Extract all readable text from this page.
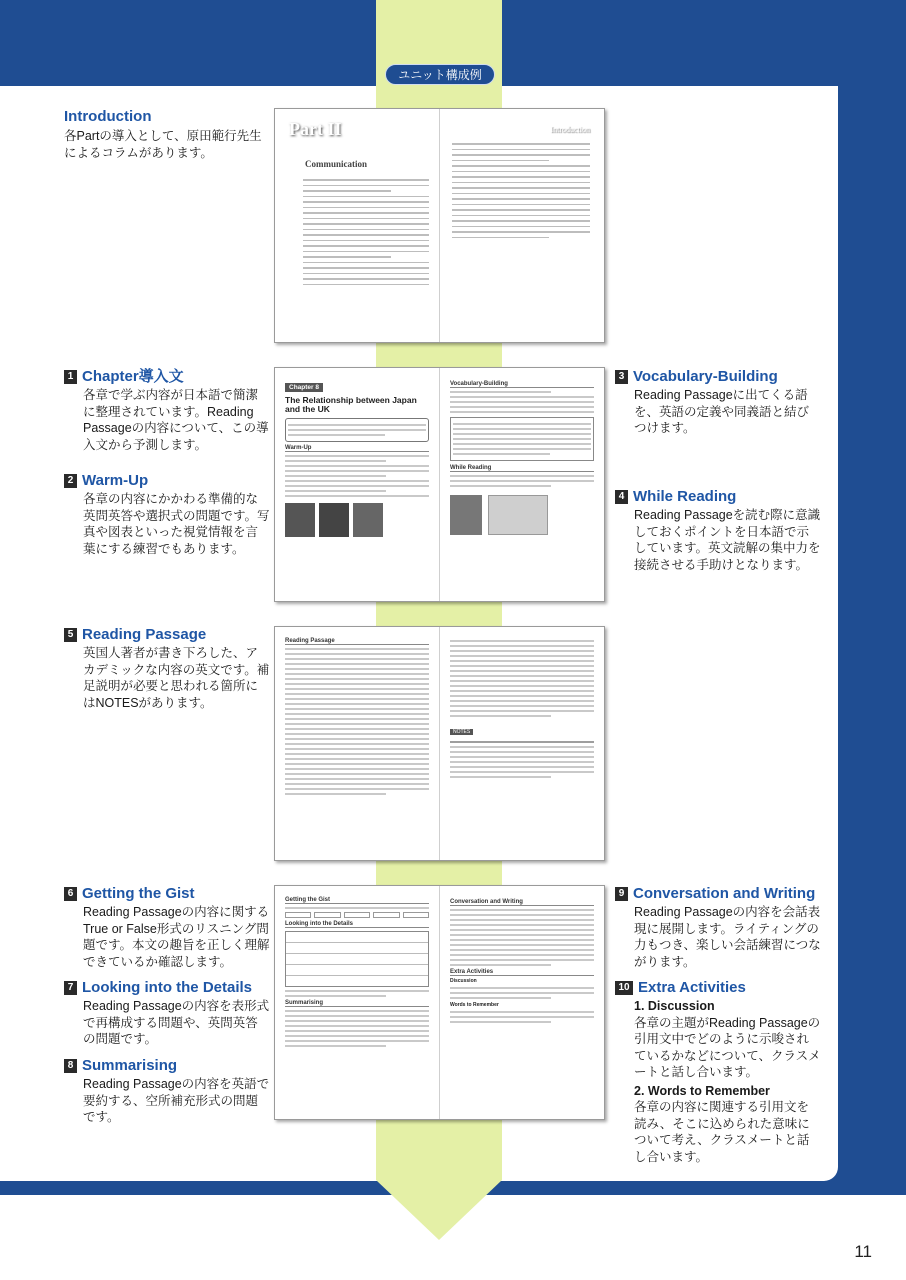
ユニット構成例
Introduction
各Partの導入として、原田範行先生によるコラムがあります。
1 Chapter導入文
各章で学ぶ内容が日本語で簡潔に整理されています。Reading Passageの内容について、この導入文から予測します。
2 Warm-Up
各章の内容にかかわる準備的な英問英答や選択式の問題です。写真や図表といった視覚情報を言葉にする練習でもあります。
3 Vocabulary-Building
Reading Passageに出てくる語を、英語の定義や同義語と結びつけます。
4 While Reading
Reading Passageを読む際に意識しておくポイントを日本語で示しています。英文読解の集中力を接続させる手助けとなります。
5 Reading Passage
英国人著者が書き下ろした、アカデミックな内容の英文です。補足説明が必要と思われる箇所にはNOTESがあります。
6 Getting the Gist
Reading Passageの内容に関するTrue or False形式のリスニング問題です。本文の趣旨を正しく理解できているか確認します。
7 Looking into the Details
Reading Passageの内容を表形式で再構成する問題や、英問英答の問題です。
8 Summarising
Reading Passageの内容を英語で要約する、空所補充形式の問題です。
9 Conversation and Writing
Reading Passageの内容を会話表現に展開します。ライティングの力もつき、楽しい会話練習につながります。
10 Extra Activities
1. Discussion
各章の主題がReading Passageの引用文中でどのように示唆されているかなどについて、クラスメートと話し合います。
2. Words to Remember
各章の内容に関連する引用文を読み、そこに込められた意味について考え、クラスメートと話し合います。
Part II
Communication
Introduction
Chapter 8
The Relationship between Japan and the UK
Warm-Up
Vocabulary-Building
While Reading
Reading Passage
NOTES
Getting the Gist
Looking into the Details
Summarising
Conversation and Writing
Extra Activities
Discussion
Words to Remember
11
